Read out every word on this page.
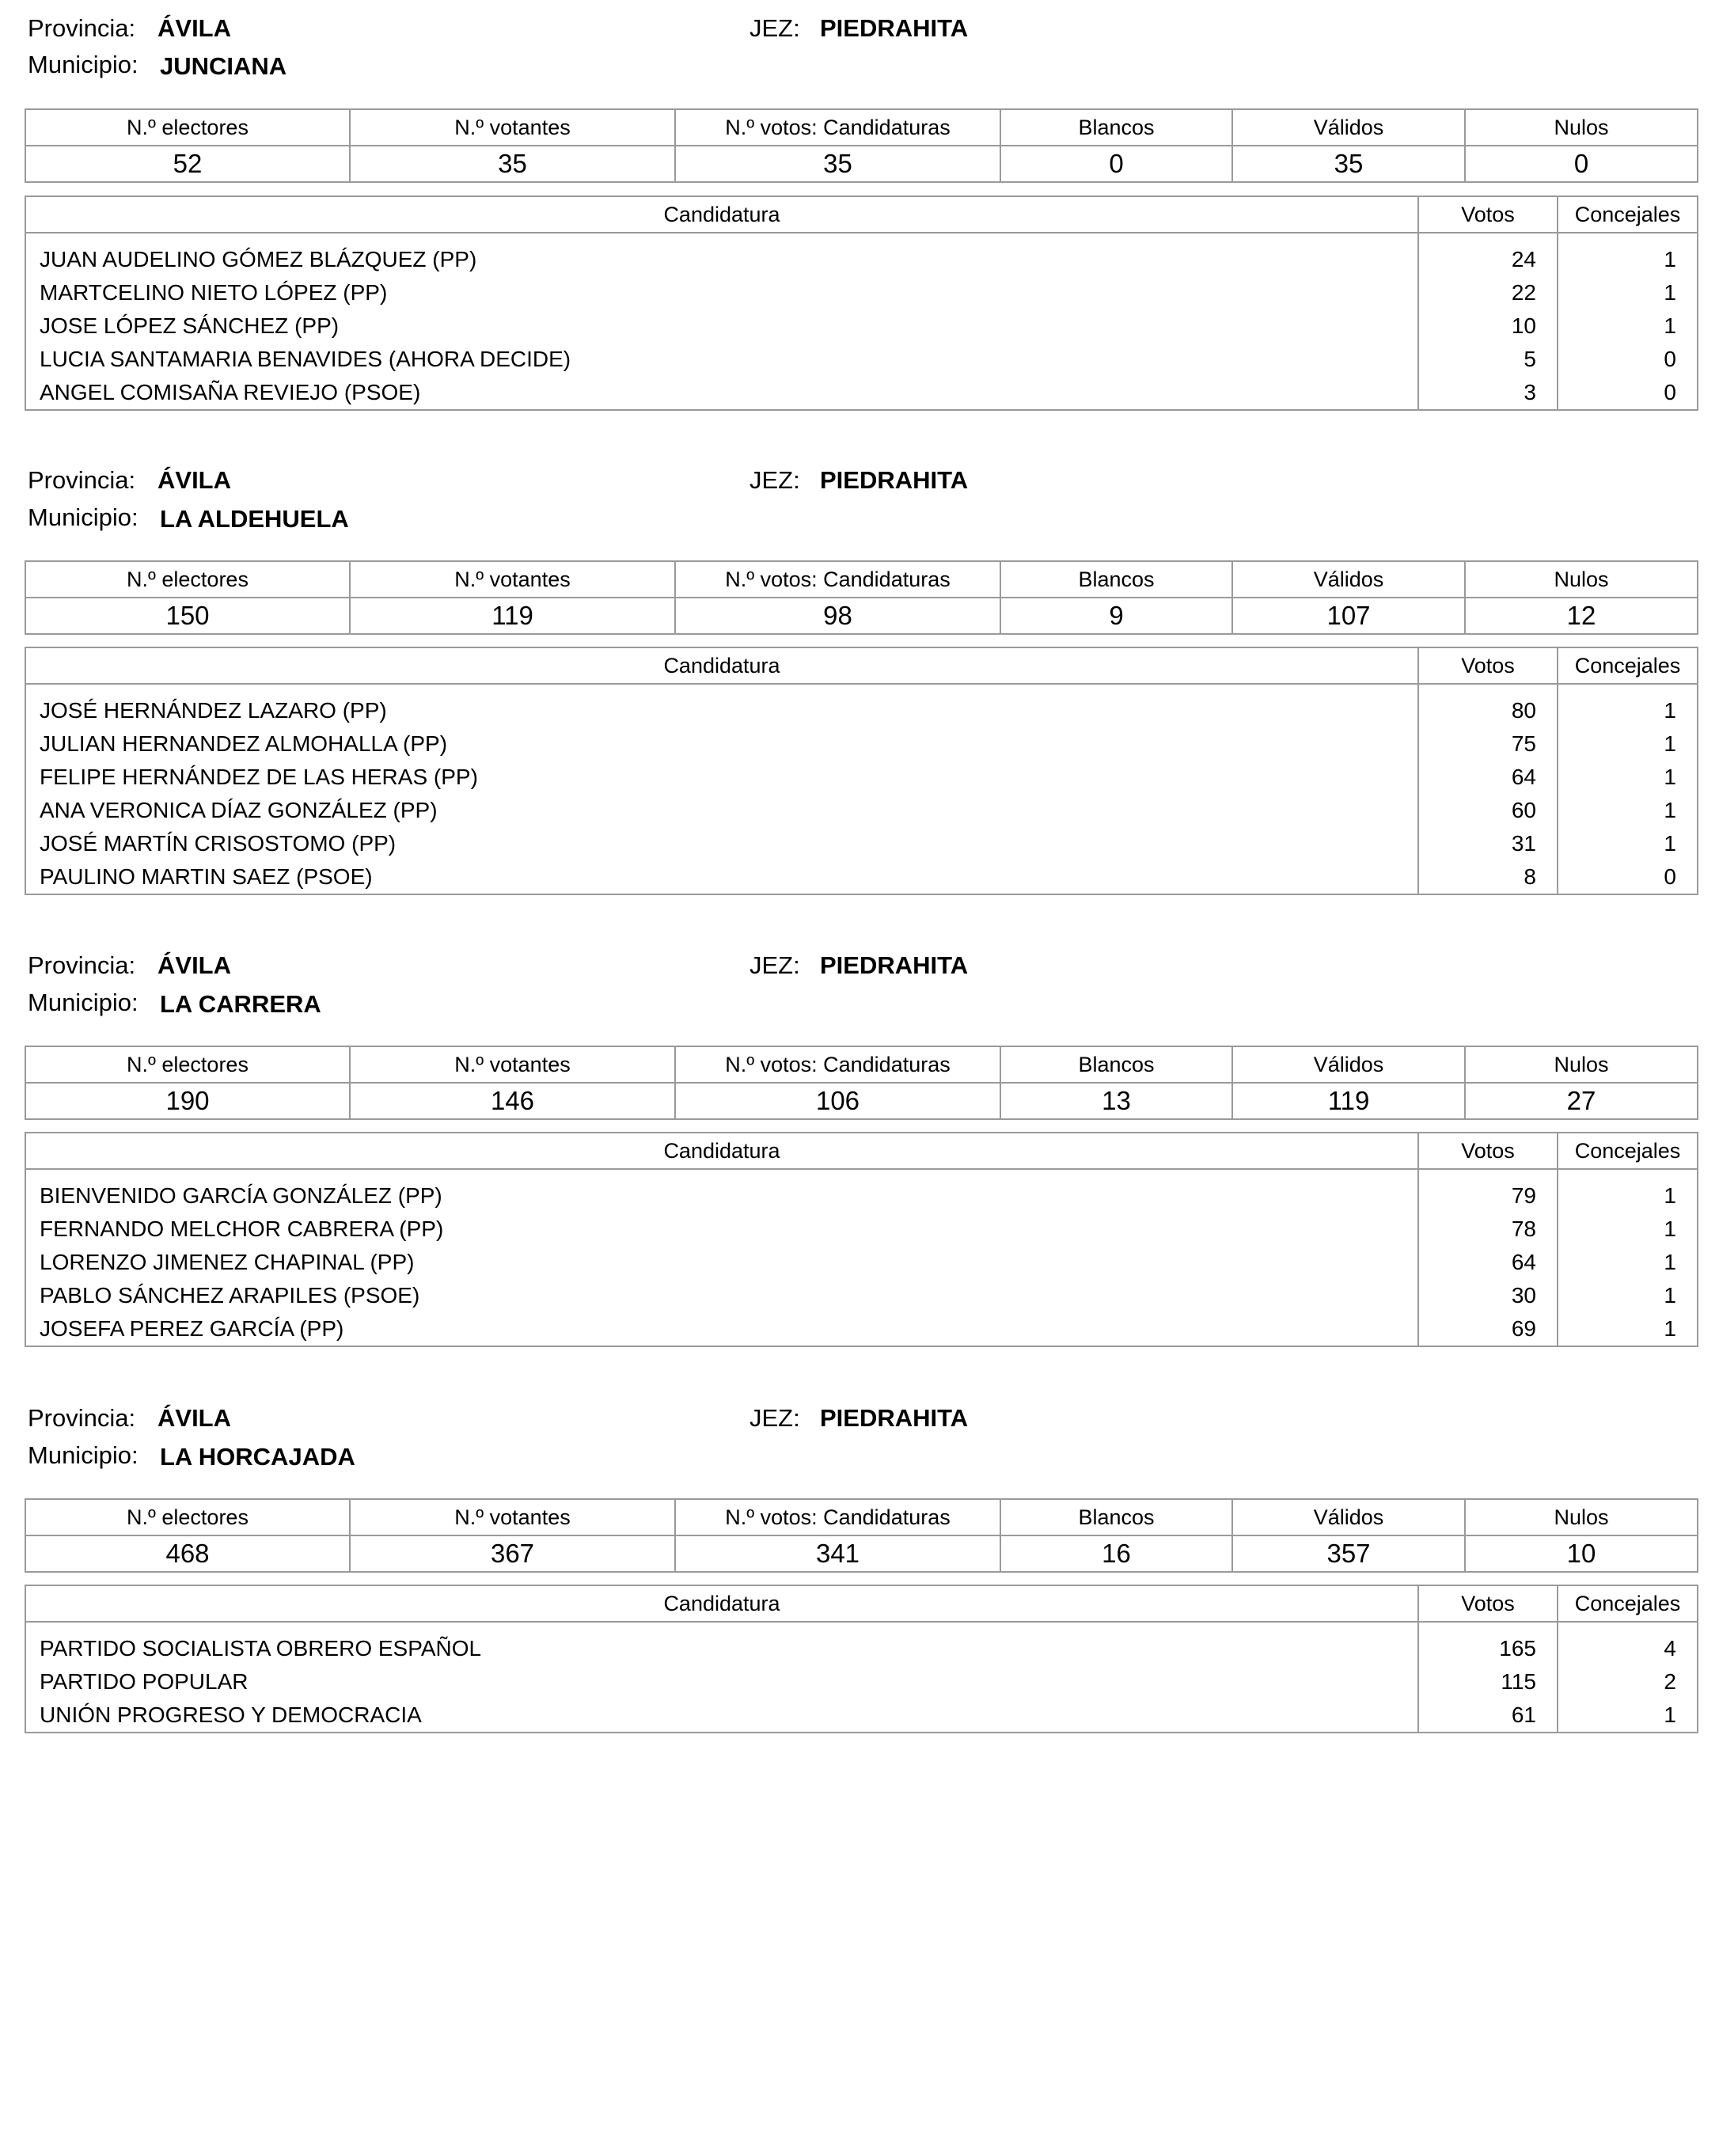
Provincia: ÁVILA	JEZ: PIEDRAHITA
Municipio: JUNCIANA
N.º electores	N.º votantes	N.º votos: Candidaturas	Blancos	Válidos	Nulos
52	35	35	0	35	0
Candidatura	Votos	Concejales
JUAN AUDELINO GÓMEZ BLÁZQUEZ (PP)	24	1
MARTCELINO NIETO LÓPEZ (PP)	22	1
JOSE LÓPEZ SÁNCHEZ (PP)	10	1
LUCIA SANTAMARIA BENAVIDES (AHORA DECIDE)	5	0
ANGEL COMISAÑA REVIEJO (PSOE)	3	0
Provincia: ÁVILA	JEZ: PIEDRAHITA
Municipio: LA ALDEHUELA
N.º electores	N.º votantes	N.º votos: Candidaturas	Blancos	Válidos	Nulos
150	119	98	9	107	12
Candidatura	Votos	Concejales
JOSÉ HERNÁNDEZ LAZARO (PP)	80	1
JULIAN HERNANDEZ ALMOHALLA (PP)	75	1
FELIPE HERNÁNDEZ DE LAS HERAS (PP)	64	1
ANA VERONICA DÍAZ GONZÁLEZ (PP)	60	1
JOSÉ MARTÍN CRISOSTOMO (PP)	31	1
PAULINO MARTIN SAEZ (PSOE)	8	0
Provincia: ÁVILA	JEZ: PIEDRAHITA
Municipio: LA CARRERA
N.º electores	N.º votantes	N.º votos: Candidaturas	Blancos	Válidos	Nulos
190	146	106	13	119	27
Candidatura	Votos	Concejales
BIENVENIDO GARCÍA GONZÁLEZ (PP)	79	1
FERNANDO MELCHOR CABRERA (PP)	78	1
LORENZO JIMENEZ CHAPINAL (PP)	64	1
PABLO SÁNCHEZ ARAPILES (PSOE)	30	1
JOSEFA PEREZ GARCÍA (PP)	69	1
Provincia: ÁVILA	JEZ: PIEDRAHITA
Municipio: LA HORCAJADA
N.º electores	N.º votantes	N.º votos: Candidaturas	Blancos	Válidos	Nulos
468	367	341	16	357	10
Candidatura	Votos	Concejales
PARTIDO SOCIALISTA OBRERO ESPAÑOL	165	4
PARTIDO POPULAR	115	2
UNIÓN PROGRESO Y DEMOCRACIA	61	1
